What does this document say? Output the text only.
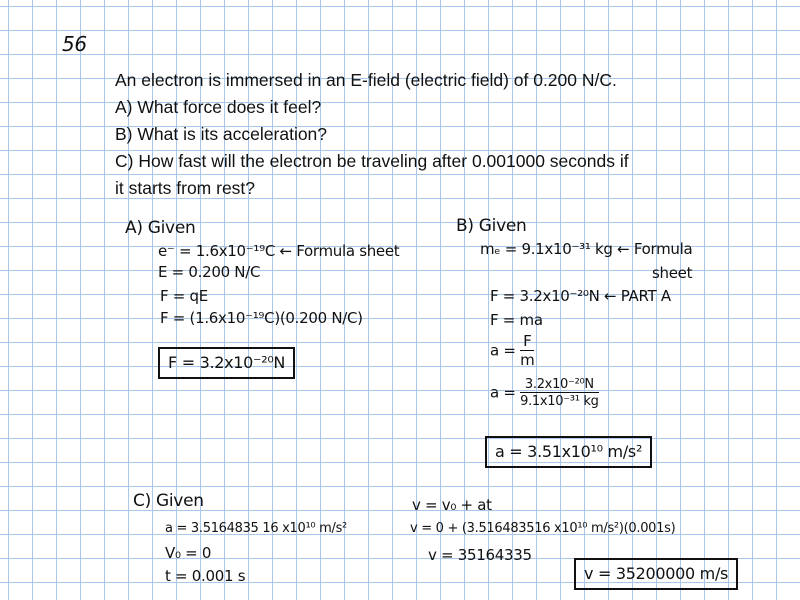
56
An electron is immersed in an E-field (electric field) of 0.200 N/C.
A) What force does it feel?
B) What is its acceleration?
C) How fast will the electron be traveling after 0.001000 seconds if
it starts from rest?
A) Given
e⁻ = 1.6x10⁻¹⁹C ← Formula sheet
E = 0.200 N/C
F = qE
F = (1.6x10⁻¹⁹C)(0.200 N/C)
F = 3.2x10⁻²⁰N
B) Given
mₑ = 9.1x10⁻³¹ kg ← Formula
sheet
F = 3.2x10⁻²⁰N ← PART A
F = ma
$a = \frac{F}{m}$
$a = \frac{\text{3.2x10⁻²⁰N}}{\text{9.1x10⁻³¹ kg}}$
a = 3.51x10¹⁰ m/s²
C) Given
a = 3.5164835 16 x10¹⁰ m/s²
V₀ = 0
t = 0.001 s
v = v₀ + at
v = 0 + (3.516483516 x10¹⁰ m/s²)(0.001s)
v = 35164335
v = 35200000 m/s
